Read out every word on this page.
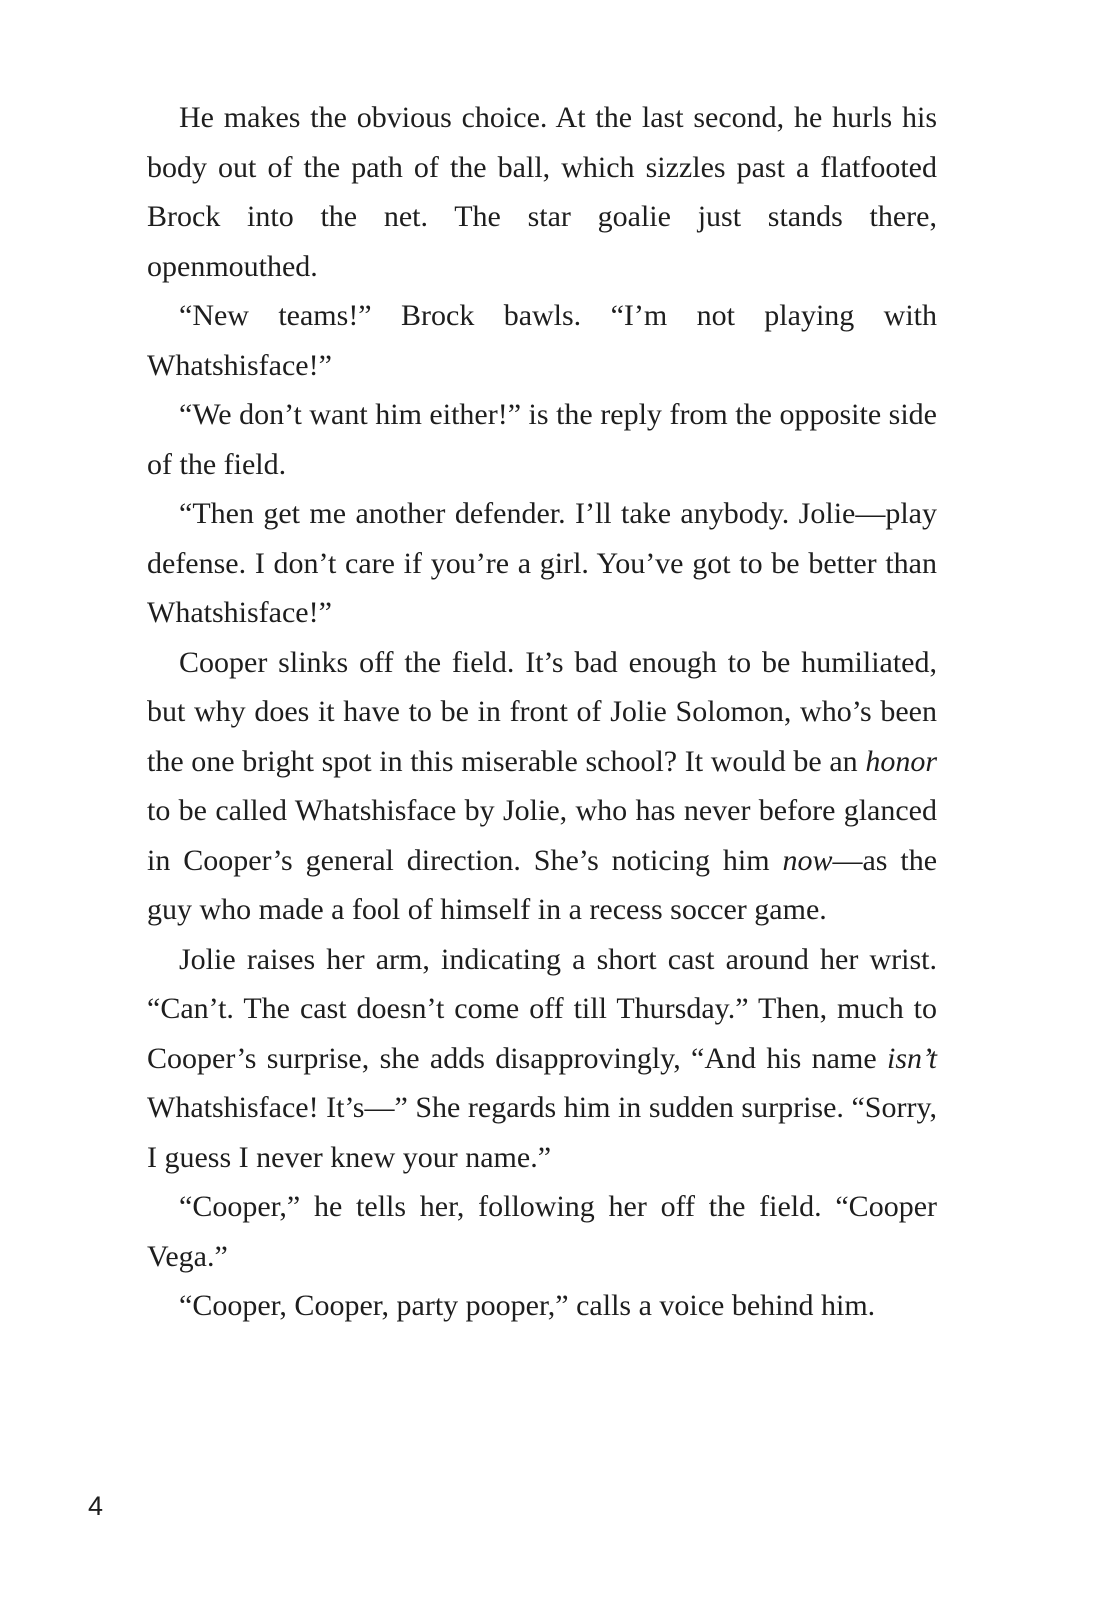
He makes the obvious choice. At the last second, he hurls his body out of the path of the ball, which sizzles past a flatfooted Brock into the net. The star goalie just stands there, openmouthed.

“New teams!” Brock bawls. “I’m not playing with Whatshisface!”

“We don’t want him either!” is the reply from the opposite side of the field.

“Then get me another defender. I’ll take anybody. Jolie—play defense. I don’t care if you’re a girl. You’ve got to be better than Whatshisface!”

Cooper slinks off the field. It’s bad enough to be humiliated, but why does it have to be in front of Jolie Solomon, who’s been the one bright spot in this miserable school? It would be an honor to be called Whatshisface by Jolie, who has never before glanced in Cooper’s general direction. She’s noticing him now—as the guy who made a fool of himself in a recess soccer game.

Jolie raises her arm, indicating a short cast around her wrist. “Can’t. The cast doesn’t come off till Thursday.” Then, much to Cooper’s surprise, she adds disapprovingly, “And his name isn’t Whatshisface! It’s—” She regards him in sudden surprise. “Sorry, I guess I never knew your name.”

“Cooper,” he tells her, following her off the field. “Cooper Vega.”

“Cooper, Cooper, party pooper,” calls a voice behind him.

4
